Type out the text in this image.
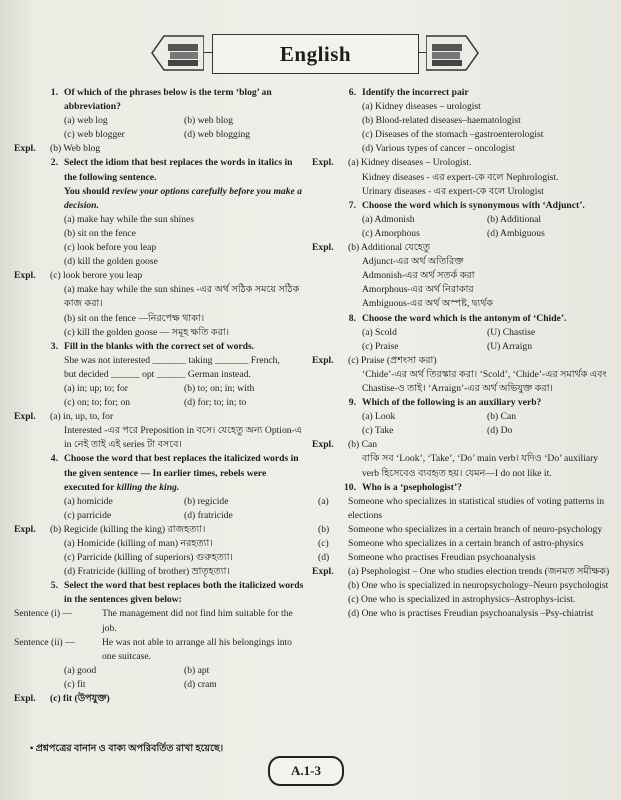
English
1. Of which of the phrases below is the term ‘blog’ an abbreviation?
(a) web log	(b) web blog
(c) web blogger	(d) web blogging
Expl.	(b) Web blog
2. Select the idiom that best replaces the words in italics in the following sentence.
You should review your options carefully before you make a decision.
(a) make hay while the sun shines
(b) sit on the fence
(c) look before you leap
(d) kill the golden goose
Expl.	(c) look berore you leap
(a) make hay while the sun shines -এর অর্থ সঠিক সময়ে সঠিক কাজ করা।
(b) sit on the fence —নিরপেক্ষ থাকা।
(c) kill the golden goose — সমূহ ক্ষতি করা।
3. Fill in the blanks with the correct set of words.
She was not interested _______ taking _______ French,
but decided ______ opt ______ German instead.
(a) in; up; to; for	(b) to; on; in; with
(c) on; to; for; on	(d) for; to; in; to
Expl.	(a) in, up, to, for
Interested -এর পরে Preposition in বসে। যেহেতু অন্য Option-এ in নেই তাই এই series টা বসবে।
4. Choose the word that best replaces the italicized words in the given sentence — In earlier times, rebels were executed for killing the king.
(a) homicide	(b) regicide
(c) parricide	(d) fratricide
Expl.	(b) Regicide (killing the king) রাজহত্যা।
(a) Homicide (killing of man) নরহত্যা।
(c) Parricide (killing of superiors) গুরুহত্যা।
(d) Fratricide (killing of brother) ভ্রাতৃহত্যা।
5. Select the word that best replaces both the italicized words in the sentences given below:
Sentence (i) —	The management did not find him suitable for the job.
Sentence (ii) —	He was not able to arrange all his belongings into one suitcase.
(a) good	(b) apt
(c) fit	(d) cram
Expl.	(c) fit (উপযুক্ত)
6. Identify the incorrect pair
(a) Kidney diseases – urologist
(b) Blood-related diseases–haematologist
(c) Diseases of the stomach –gastroenterologist
(d) Various types of cancer – oncologist
Expl.	(a) Kidney diseases – Urologist.
Kidney diseases - এর expert-কে বলে Nephrologist.
Urinary diseases - এর expert-কে বলে Urologist
7. Choose the word which is synonymous with ‘Adjunct’.
(a) Admonish	(b) Additional
(c) Amorphous	(d) Ambiguous
Expl.	(b) Additional যেহেতু
Adjunct-এর অর্থ অতিরিক্ত
Admonish-এর অর্থ সতর্ক করা
Amorphous-এর অর্থ নিরাকার
Ambiguous-এর অর্থ অস্পষ্ট, দ্ব্যর্থক
8. Choose the word which is the antonym of ‘Chide’.
(a) Scold	(U) Chastise
(c) Praise	(U) Arraign
Expl.	(c) Praise (প্রশংসা করা)
‘Chide’-এর অর্থ তিরস্কার করা। ‘Scold’, ‘Chide’-এর সমার্থক এবং Chastise-ও তাই। ‘Arraign’-এর অর্থ অভিযুক্ত করা।
9. Which of the following is an auxiliary verb?
(a) Look	(b) Can
(c) Take	(d) Do
Expl.	(b) Can
বাকি সব ‘Look’, ‘Take’, ‘Do’ main verb। যদিও ‘Do’ auxiliary verb হিসেবেও ব্যবহৃত হয়। যেমন—I do not like it.
10. Who is a ‘psephologist’?
(a)	Someone who specializes in statistical studies of voting patterns in elections
(b)	Someone who specializes in a certain branch of neuro-psychology
(c)	Someone who specializes in a certain branch of astro-physics
(d)	Someone who practises Freudian psychoanalysis
Expl.	(a) Psephologist – One who studies election trends (জনমত সমীক্ষক)
(b) One who is specialized in neuropsychology–Neuro psychologist
(c) One who is specialized in astrophysics–Astrophys-icist.
(d) One who is practises Freudian psychoanalysis –Psy-chiatrist
• প্রশ্নপত্রের বানান ও বাক্য অপরিবর্তিত রাখা হয়েছে।
A.1-3
